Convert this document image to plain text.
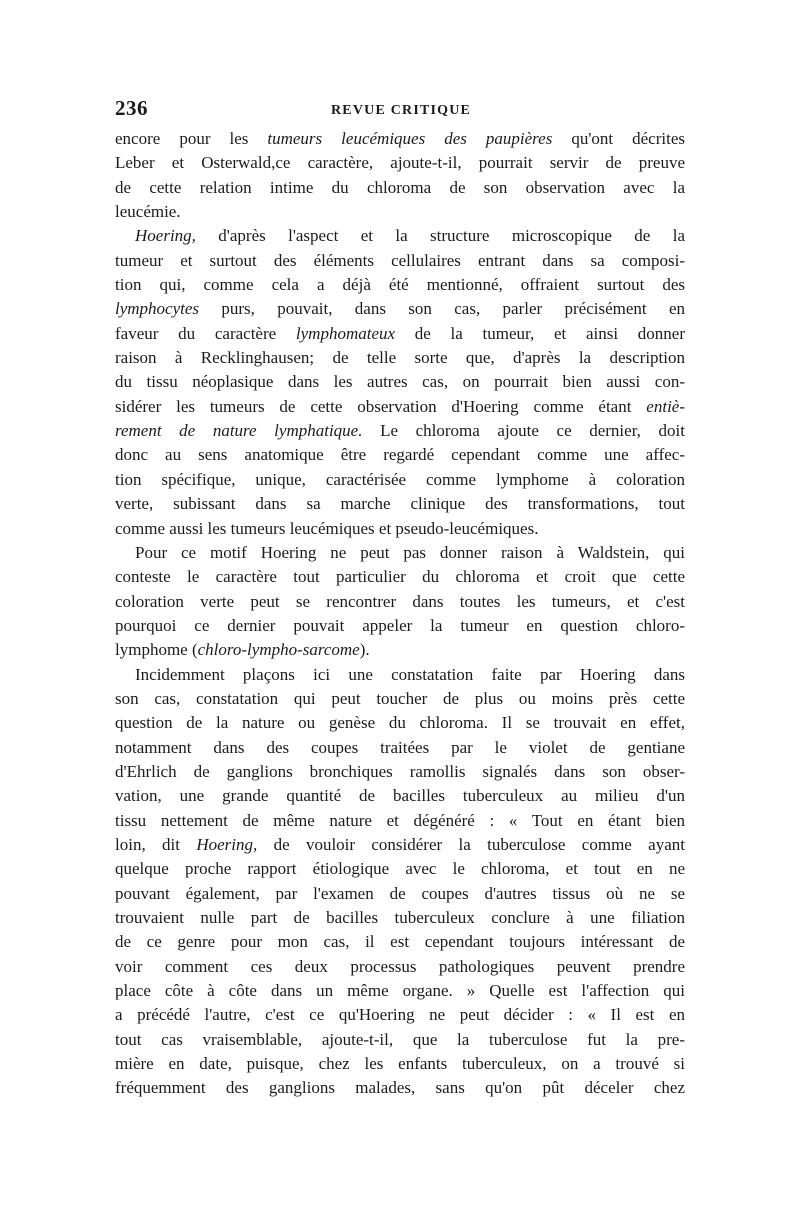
236	REVUE CRITIQUE
encore pour les tumeurs leucémiques des paupières qu'ont décrites
Leber et Osterwald,ce caractère, ajoute-t-il, pourrait servir de preuve
de cette relation intime du chloroma de son observation avec la
leucémie.
Hoering, d'après l'aspect et la structure microscopique de la
tumeur et surtout des éléments cellulaires entrant dans sa composi-
tion qui, comme cela a déjà été mentionné, offraient surtout des
lymphocytes purs, pouvait, dans son cas, parler précisément en
faveur du caractère lymphomateux de la tumeur, et ainsi donner
raison à Recklinghausen; de telle sorte que, d'après la description
du tissu néoplasique dans les autres cas, on pourrait bien aussi con-
sidérer les tumeurs de cette observation d'Hoering comme étant entiè-
rement de nature lymphatique. Le chloroma ajoute ce dernier, doit
donc au sens anatomique être regardé cependant comme une affec-
tion spécifique, unique, caractérisée comme lymphome à coloration
verte, subissant dans sa marche clinique des transformations, tout
comme aussi les tumeurs leucémiques et pseudo-leucémiques.
Pour ce motif Hoering ne peut pas donner raison à Waldstein, qui
conteste le caractère tout particulier du chloroma et croit que cette
coloration verte peut se rencontrer dans toutes les tumeurs, et c'est
pourquoi ce dernier pouvait appeler la tumeur en question chloro-
lymphome (chloro-lympho-sarcome).
Incidemment plaçons ici une constatation faite par Hoering dans
son cas, constatation qui peut toucher de plus ou moins près cette
question de la nature ou genèse du chloroma. Il se trouvait en effet,
notamment dans des coupes traitées par le violet de gentiane
d'Ehrlich de ganglions bronchiques ramollis signalés dans son obser-
vation, une grande quantité de bacilles tuberculeux au milieu d'un
tissu nettement de même nature et dégénéré : « Tout en étant bien
loin, dit Hoering, de vouloir considérer la tuberculose comme ayant
quelque proche rapport étiologique avec le chloroma, et tout en ne
pouvant également, par l'examen de coupes d'autres tissus où ne se
trouvaient nulle part de bacilles tuberculeux conclure à une filiation
de ce genre pour mon cas, il est cependant toujours intéressant de
voir comment ces deux processus pathologiques peuvent prendre
place côte à côte dans un même organe. » Quelle est l'affection qui
a précédé l'autre, c'est ce qu'Hoering ne peut décider : « Il est en
tout cas vraisemblable, ajoute-t-il, que la tuberculose fut la pre-
mière en date, puisque, chez les enfants tuberculeux, on a trouvé si
fréquemment des ganglions malades, sans qu'on pût déceler chez
